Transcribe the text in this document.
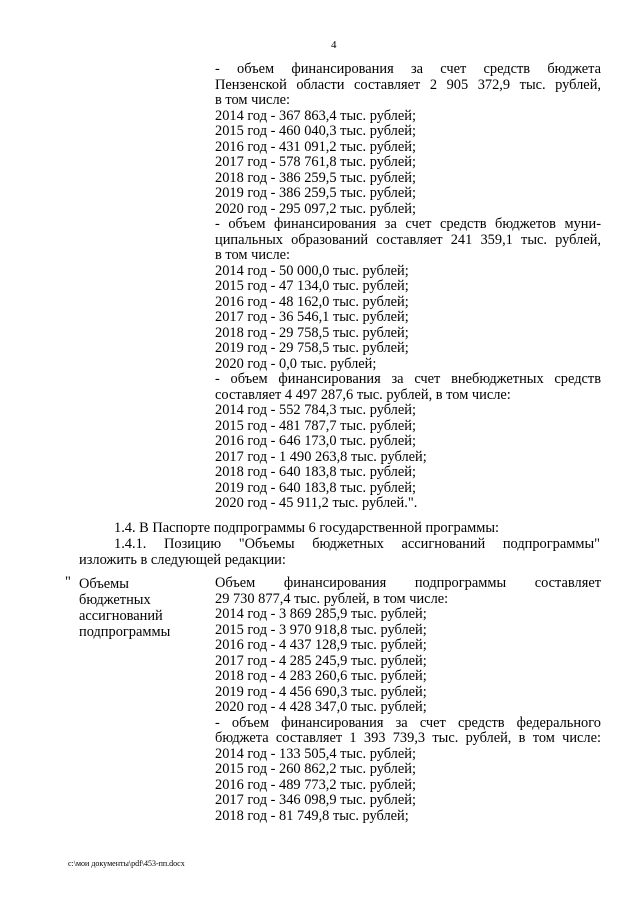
4

- объем финансирования за счет средств бюджета

Пензенской области составляет 2 905 372,9 тыс. рублей,

в том числе:

2014 год - 367 863,4 тыс. рублей;

2015 год - 460 040,3 тыс. рублей;

2016 год - 431 091,2 тыс. рублей;

2017 год - 578 761,8 тыс. рублей;

2018 год - 386 259,5 тыс. рублей;

2019 год - 386 259,5 тыс. рублей;

2020 год - 295 097,2 тыс. рублей;

- объем финансирования за счет средств бюджетов муни-

ципальных образований составляет 241 359,1 тыс. рублей,

в том числе:

2014 год - 50 000,0 тыс. рублей;

2015 год - 47 134,0 тыс. рублей;

2016 год - 48 162,0 тыс. рублей;

2017 год - 36 546,1 тыс. рублей;

2018 год - 29 758,5 тыс. рублей;

2019 год - 29 758,5 тыс. рублей;

2020 год - 0,0 тыс. рублей;

- объем финансирования за счет внебюджетных средств

составляет 4 497 287,6 тыс. рублей, в том числе:

2014 год - 552 784,3 тыс. рублей;

2015 год - 481 787,7 тыс. рублей;

2016 год - 646 173,0 тыс. рублей;

2017 год - 1 490 263,8 тыс. рублей;

2018 год - 640 183,8 тыс. рублей;

2019 год - 640 183,8 тыс. рублей;

2020 год - 45 911,2 тыс. рублей.".

1.4. В Паспорте подпрограммы 6 государственной программы:

1.4.1. Позицию "Объемы бюджетных ассигнований подпрограммы"

изложить в следующей редакции:

" Объемы

бюджетных

ассигнований

подпрограммы

Объем финансирования подпрограммы составляет

29 730 877,4 тыс. рублей, в том числе:

2014 год - 3 869 285,9 тыс. рублей;

2015 год - 3 970 918,8 тыс. рублей;

2016 год - 4 437 128,9 тыс. рублей;

2017 год - 4 285 245,9 тыс. рублей;

2018 год - 4 283 260,6 тыс. рублей;

2019 год - 4 456 690,3 тыс. рублей;

2020 год - 4 428 347,0 тыс. рублей;

- объем финансирования за счет средств федерального

бюджета составляет 1 393 739,3 тыс. рублей, в том числе:

2014 год - 133 505,4 тыс. рублей;

2015 год - 260 862,2 тыс. рублей;

2016 год - 489 773,2 тыс. рублей;

2017 год - 346 098,9 тыс. рублей;

2018 год - 81 749,8 тыс. рублей;

c:\мои документы\pdf\453-пп.docx
